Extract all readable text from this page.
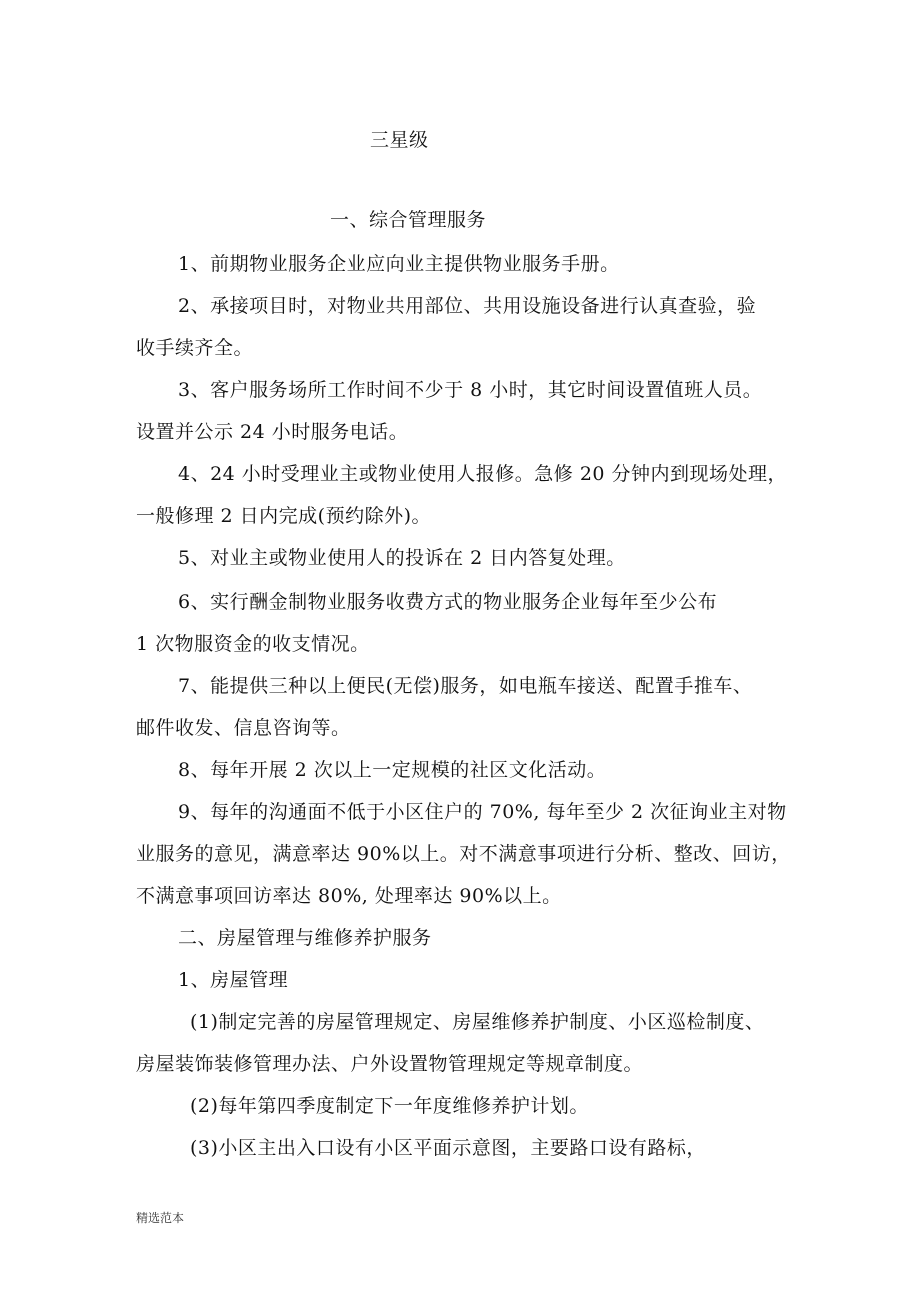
三星级
一、综合管理服务
1、前期物业服务企业应向业主提供物业服务手册。
2、承接项目时，对物业共用部位、共用设施设备进行认真查验，验
收手续齐全。
3、客户服务场所工作时间不少于 8 小时，其它时间设置值班人员。
设置并公示 24 小时服务电话。
4、24 小时受理业主或物业使用人报修。急修 20 分钟内到现场处理，
一般修理 2 日内完成(预约除外)。
5、对业主或物业使用人的投诉在 2 日内答复处理。
6、实行酬金制物业服务收费方式的物业服务企业每年至少公布
1 次物服资金的收支情况。
7、能提供三种以上便民(无偿)服务，如电瓶车接送、配置手推车、
邮件收发、信息咨询等。
8、每年开展 2 次以上一定规模的社区文化活动。
9、每年的沟通面不低于小区住户的 70%, 每年至少 2 次征询业主对物
业服务的意见，满意率达 90%以上。对不满意事项进行分析、整改、回访，
不满意事项回访率达 80%, 处理率达 90%以上。
二、房屋管理与维修养护服务
1、房屋管理
(1)制定完善的房屋管理规定、房屋维修养护制度、小区巡检制度、
房屋装饰装修管理办法、户外设置物管理规定等规章制度。
(2)每年第四季度制定下一年度维修养护计划。
(3)小区主出入口设有小区平面示意图，主要路口设有路标，
精选范本
